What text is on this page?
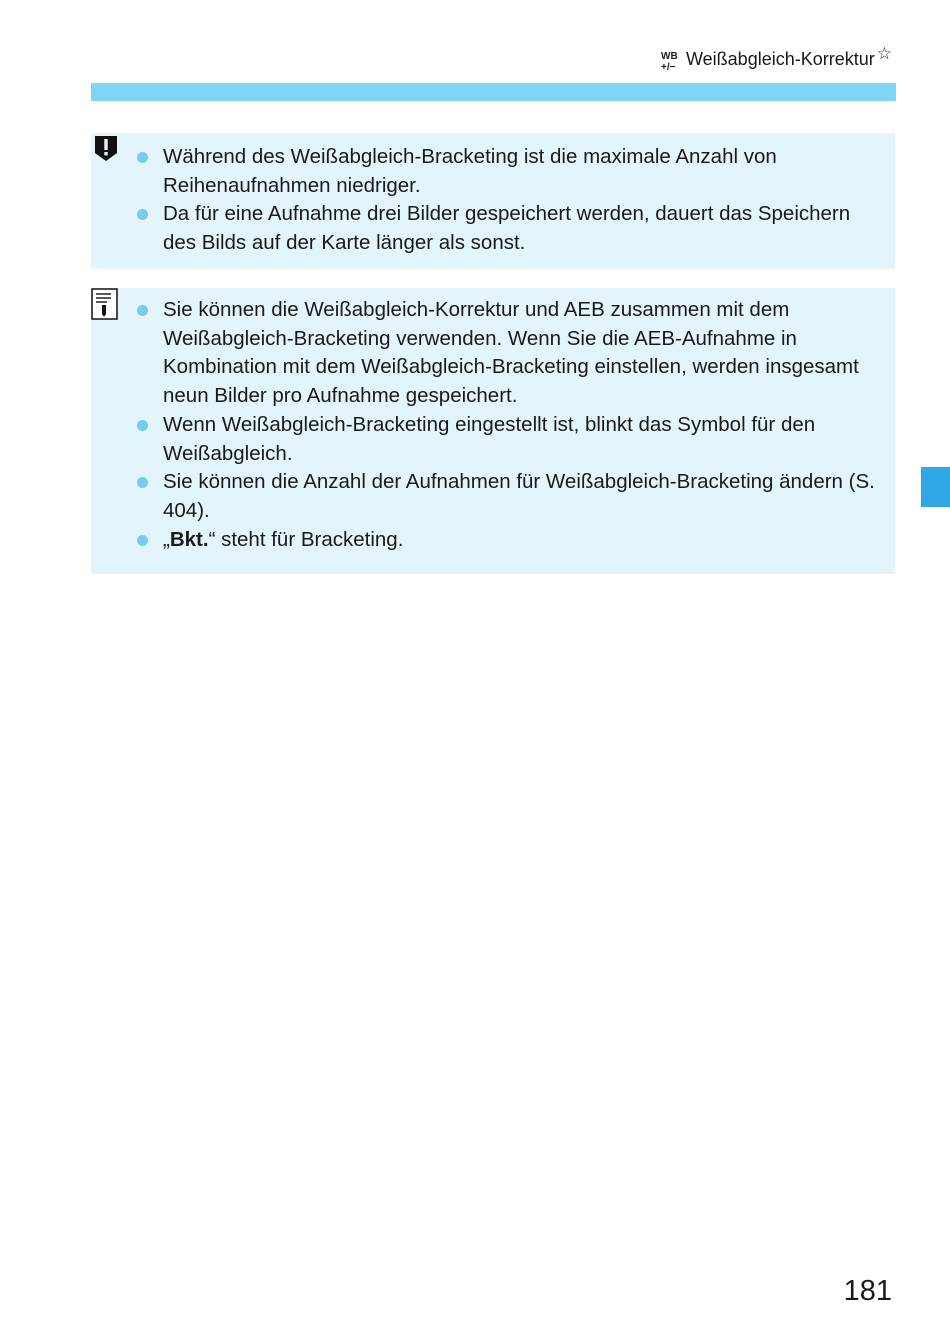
WB
+/− Weißabgleich-Korrektur ☆
Während des Weißabgleich-Bracketing ist die maximale Anzahl von Reihenaufnahmen niedriger.
Da für eine Aufnahme drei Bilder gespeichert werden, dauert das Speichern des Bilds auf der Karte länger als sonst.
Sie können die Weißabgleich-Korrektur und AEB zusammen mit dem Weißabgleich-Bracketing verwenden. Wenn Sie die AEB-Aufnahme in Kombination mit dem Weißabgleich-Bracketing einstellen, werden insgesamt neun Bilder pro Aufnahme gespeichert.
Wenn Weißabgleich-Bracketing eingestellt ist, blinkt das Symbol für den Weißabgleich.
Sie können die Anzahl der Aufnahmen für Weißabgleich-Bracketing ändern (S. 404).
„Bkt.“ steht für Bracketing.
181
